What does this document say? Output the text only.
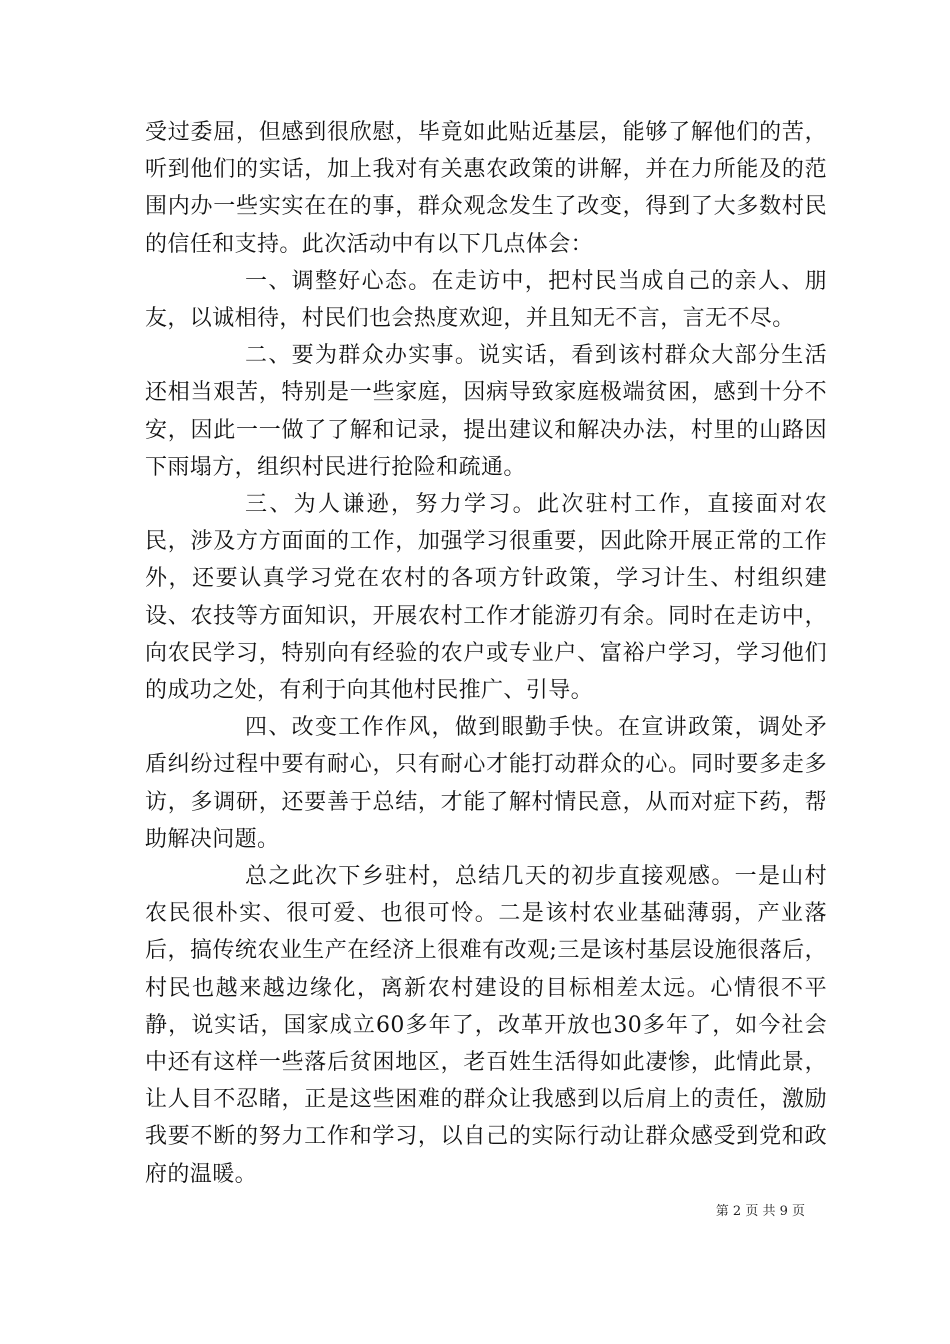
受过委屈，但感到很欣慰，毕竟如此贴近基层，能够了解他们的苦，听到他们的实话，加上我对有关惠农政策的讲解，并在力所能及的范围内办一些实实在在的事，群众观念发生了改变，得到了大多数村民的信任和支持。此次活动中有以下几点体会：

一、调整好心态。在走访中，把村民当成自己的亲人、朋友，以诚相待，村民们也会热度欢迎，并且知无不言，言无不尽。

二、要为群众办实事。说实话，看到该村群众大部分生活还相当艰苦，特别是一些家庭，因病导致家庭极端贫困，感到十分不安，因此一一做了了解和记录，提出建议和解决办法，村里的山路因下雨塌方，组织村民进行抢险和疏通。

三、为人谦逊，努力学习。此次驻村工作，直接面对农民，涉及方方面面的工作，加强学习很重要，因此除开展正常的工作外，还要认真学习党在农村的各项方针政策，学习计生、村组织建设、农技等方面知识，开展农村工作才能游刃有余。同时在走访中，向农民学习，特别向有经验的农户或专业户、富裕户学习，学习他们的成功之处，有利于向其他村民推广、引导。

四、改变工作作风，做到眼勤手快。在宣讲政策，调处矛盾纠纷过程中要有耐心，只有耐心才能打动群众的心。同时要多走多访，多调研，还要善于总结，才能了解村情民意，从而对症下药，帮助解决问题。

总之此次下乡驻村，总结几天的初步直接观感。一是山村农民很朴实、很可爱、也很可怜。二是该村农业基础薄弱，产业落后，搞传统农业生产在经济上很难有改观;三是该村基层设施很落后，村民也越来越边缘化，离新农村建设的目标相差太远。心情很不平静，说实话，国家成立60多年了，改革开放也30多年了，如今社会中还有这样一些落后贫困地区，老百姓生活得如此凄惨，此情此景，让人目不忍睹，正是这些困难的群众让我感到以后肩上的责任，激励我要不断的努力工作和学习，以自己的实际行动让群众感受到党和政府的温暖。

第 2 页 共 9 页
